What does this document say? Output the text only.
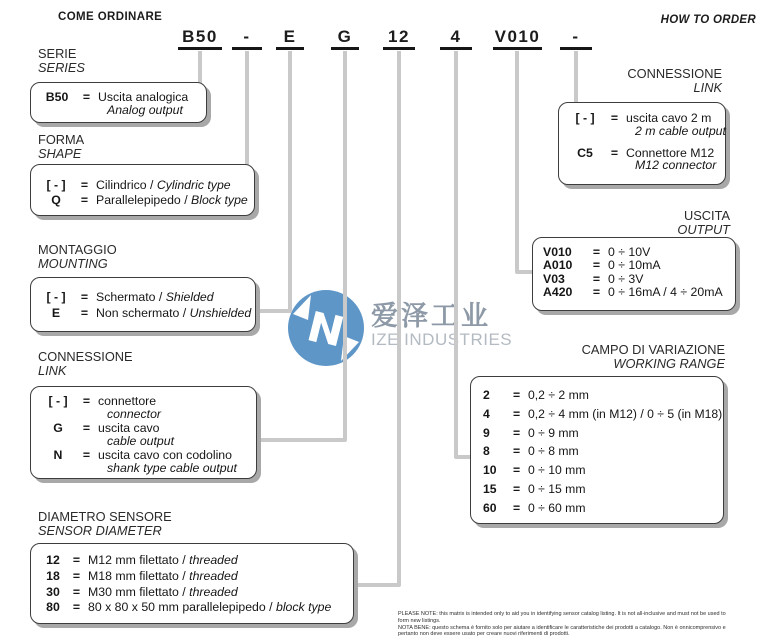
COME ORDINARE	HOW TO ORDER
B50	-	E	G	12	4	V010	-
爱泽工业
IZE INDUSTRIES
SERIE
SERIES
B50	= Uscita analogica
Analog output
FORMA
SHAPE
[ - ]	= Cilindrico / Cylindric type
Q	= Parallelepipedo / Block type
MONTAGGIO
MOUNTING
[ - ]	= Schermato / Shielded
E	= Non schermato / Unshielded
CONNESSIONE
LINK
[ - ]	= connettore
connector
G	= uscita cavo
cable output
N	= uscita cavo con codolino
shank type cable output
DIAMETRO SENSORE
SENSOR DIAMETER
12	= M12 mm filettato / threaded
18	= M18 mm filettato / threaded
30	= M30 mm filettato / threaded
80	= 80 x 80 x 50 mm parallelepipedo / block type
CONNESSIONE
LINK
[ - ]	= uscita cavo 2 m
2 m cable output
C5	= Connettore M12
M12 connector
USCITA
OUTPUT
V010	= 0 ÷ 10V
A010	= 0 ÷ 10mA
V03	= 0 ÷ 3V
A420	= 0 ÷ 16mA / 4 ÷ 20mA
CAMPO DI VARIAZIONE
WORKING RANGE
2	= 0,2 ÷ 2 mm
4	= 0,2 ÷ 4 mm (in M12) / 0 ÷ 5 (in M18)
9	= 0 ÷ 9 mm
8	= 0 ÷ 8 mm
10	= 0 ÷ 10 mm
15	= 0 ÷ 15 mm
60	= 0 ÷ 60 mm
PLEASE NOTE: this matrix is intended only to aid you in identifying sensor catalog listing. It is not all-inclusive and must not be used to
form new listings.
NOTA BENE: questo schema è fornito solo per aiutare a identificare le caratteristiche dei prodotti a catalogo. Non è onnicomprensivo e
pertanto non deve essere usato per creare nuovi riferimenti di prodotti.
